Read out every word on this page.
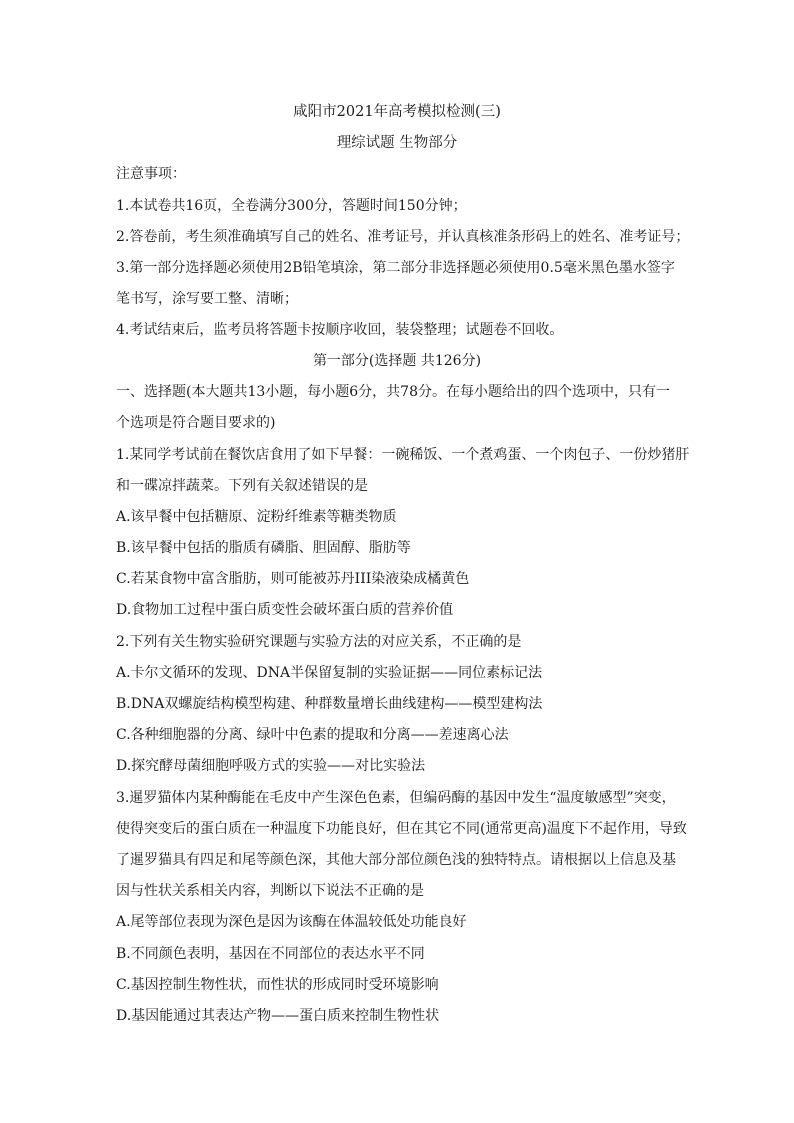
咸阳市2021年高考模拟检测(三)
理综试题 生物部分
注意事项：
1.本试卷共16页，全卷满分300分，答题时间150分钟；
2.答卷前，考生须准确填写自己的姓名、准考证号，并认真核准条形码上的姓名、准考证号；
3.第一部分选择题必须使用2B铅笔填涂，第二部分非选择题必须使用0.5毫米黑色墨水签字
笔书写，涂写要工整、清晰；
4.考试结束后，监考员将答题卡按顺序收回，装袋整理；试题卷不回收。
第一部分(选择题 共126分)
一、选择题(本大题共13小题，每小题6分，共78分。在每小题给出的四个选项中，只有一
个选项是符合题目要求的)
1.某同学考试前在餐饮店食用了如下早餐：一碗稀饭、一个煮鸡蛋、一个肉包子、一份炒猪肝
和一碟凉拌蔬菜。下列有关叙述错误的是
A.该早餐中包括糖原、淀粉纤维素等糖类物质
B.该早餐中包括的脂质有磷脂、胆固醇、脂肪等
C.若某食物中富含脂肪，则可能被苏丹III染液染成橘黄色
D.食物加工过程中蛋白质变性会破坏蛋白质的营养价值
2.下列有关生物实验研究课题与实验方法的对应关系，不正确的是
A.卡尔文循环的发现、DNA半保留复制的实验证据——同位素标记法
B.DNA双螺旋结构模型构建、种群数量增长曲线建构——模型建构法
C.各种细胞器的分离、绿叶中色素的提取和分离——差速离心法
D.探究酵母菌细胞呼吸方式的实验——对比实验法
3.暹罗猫体内某种酶能在毛皮中产生深色色素，但编码酶的基因中发生“温度敏感型”突变，
使得突变后的蛋白质在一种温度下功能良好，但在其它不同(通常更高)温度下不起作用，导致
了暹罗猫具有四足和尾等颜色深，其他大部分部位颜色浅的独特特点。请根据以上信息及基
因与性状关系相关内容，判断以下说法不正确的是
A.尾等部位表现为深色是因为该酶在体温较低处功能良好
B.不同颜色表明，基因在不同部位的表达水平不同
C.基因控制生物性状，而性状的形成同时受环境影响
D.基因能通过其表达产物——蛋白质来控制生物性状
